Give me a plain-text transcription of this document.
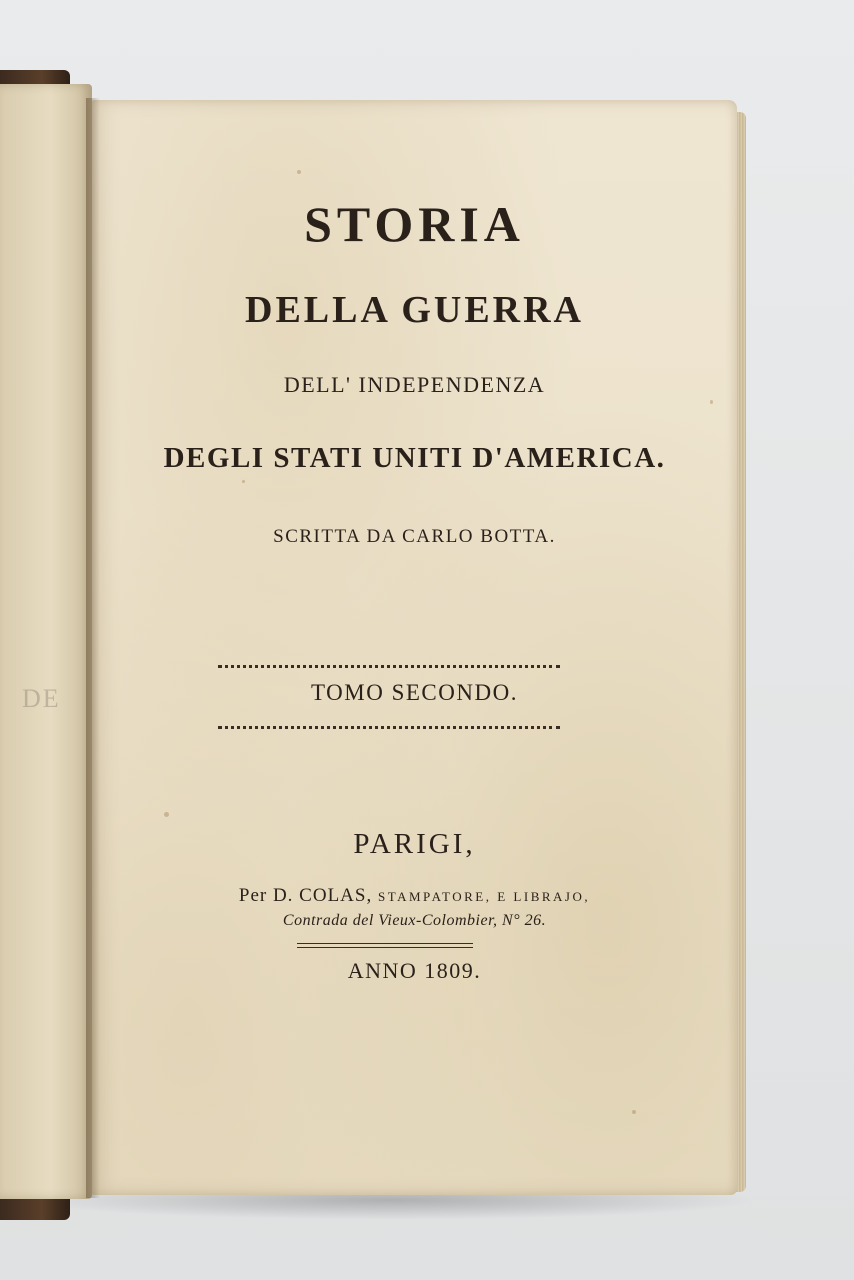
DE
STORIA
DELLA GUERRA
DELL' INDEPENDENZA
DEGLI STATI UNITI D'AMERICA.
SCRITTA DA CARLO BOTTA.
TOMO SECONDO.
PARIGI,
Per D. COLAS, STAMPATORE, E LIBRAJO,
Contrada del Vieux-Colombier, N° 26.
ANNO 1809.
